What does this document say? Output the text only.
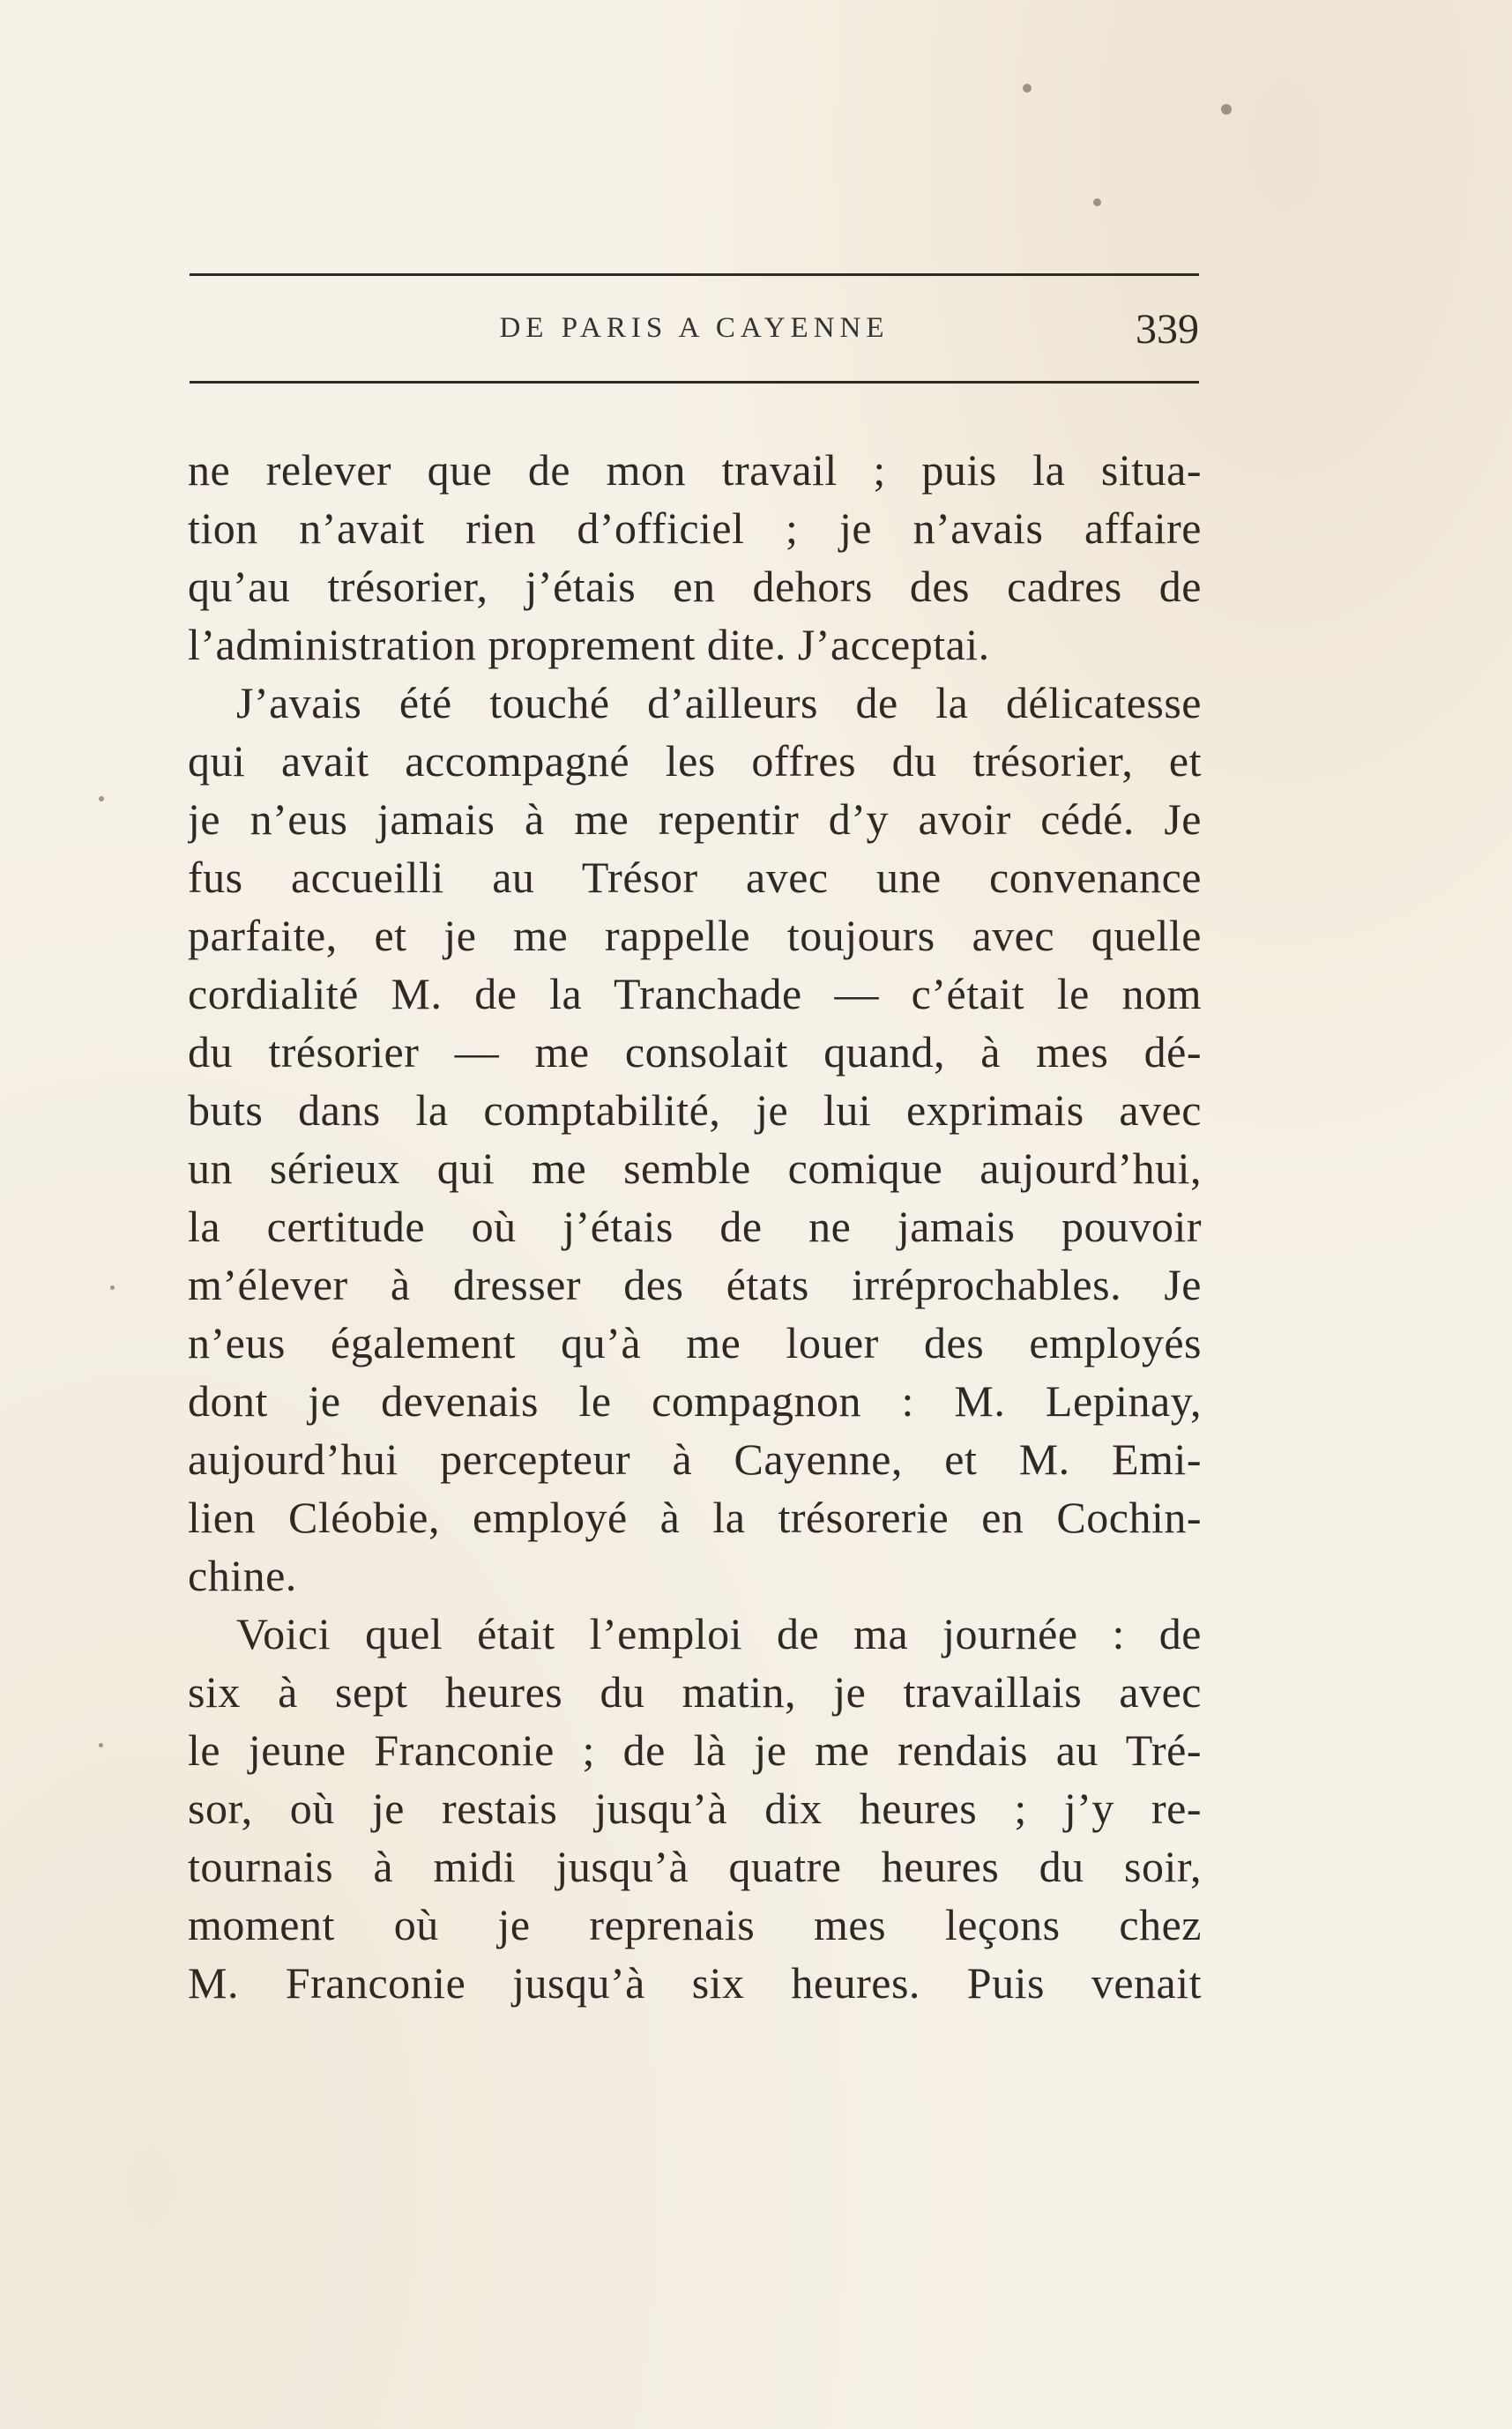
DE PARIS A CAYENNE	339
ne relever que de mon travail ; puis la situa-
tion n’avait rien d’officiel ; je n’avais affaire
qu’au trésorier, j’étais en dehors des cadres de
l’administration proprement dite. J’acceptai.
J’avais été touché d’ailleurs de la délicatesse
qui avait accompagné les offres du trésorier, et
je n’eus jamais à me repentir d’y avoir cédé. Je
fus accueilli au Trésor avec une convenance
parfaite, et je me rappelle toujours avec quelle
cordialité M. de la Tranchade — c’était le nom
du trésorier — me consolait quand, à mes dé-
buts dans la comptabilité, je lui exprimais avec
un sérieux qui me semble comique aujourd’hui,
la certitude où j’étais de ne jamais pouvoir
m’élever à dresser des états irréprochables. Je
n’eus également qu’à me louer des employés
dont je devenais le compagnon : M. Lepinay,
aujourd’hui percepteur à Cayenne, et M. Emi-
lien Cléobie, employé à la trésorerie en Cochin-
chine.
Voici quel était l’emploi de ma journée : de
six à sept heures du matin, je travaillais avec
le jeune Franconie ; de là je me rendais au Tré-
sor, où je restais jusqu’à dix heures ; j’y re-
tournais à midi jusqu’à quatre heures du soir,
moment où je reprenais mes leçons chez
M. Franconie jusqu’à six heures. Puis venait
